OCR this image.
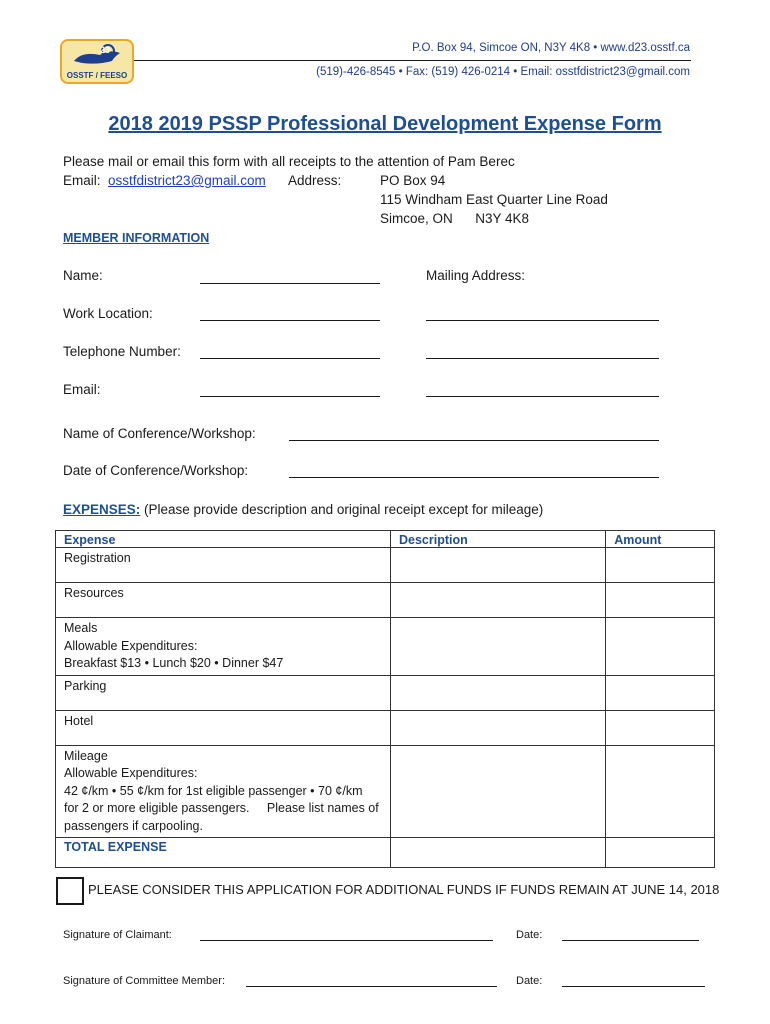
23
OSSTF / FEESO
P.O. Box 94, Simcoe ON, N3Y 4K8 • www.d23.osstf.ca
(519)-426-8545 • Fax: (519) 426-0214 • Email: osstfdistrict23@gmail.com
2018 2019 PSSP Professional Development Expense Form
Please mail or email this form with all receipts to the attention of Pam Berec
Email: osstfdistrict23@gmail.com Address:	PO Box 94
115 Windham East Quarter Line Road
Simcoe, ON      N3Y 4K8
MEMBER INFORMATION
Name:	Mailing Address:
Work Location:
Telephone Number:
Email:
Name of Conference/Workshop:
Date of Conference/Workshop:
EXPENSES: (Please provide description and original receipt except for mileage)
Expense	Description	Amount

Registration		

Resources		

Meals
Allowable Expenditures:
Breakfast $13 • Lunch $20 • Dinner $47		

Parking		

Hotel		

Mileage
Allowable Expenditures:
42 ¢/km • 55 ¢/km for 1st eligible passenger • 70 ¢/km
for 2 or more eligible passengers.     Please list names of
passengers if carpooling.		

TOTAL EXPENSE		
PLEASE CONSIDER THIS APPLICATION FOR ADDITIONAL FUNDS IF FUNDS REMAIN AT JUNE 14, 2018
Signature of Claimant:	Date:
Signature of Committee Member:	Date:
